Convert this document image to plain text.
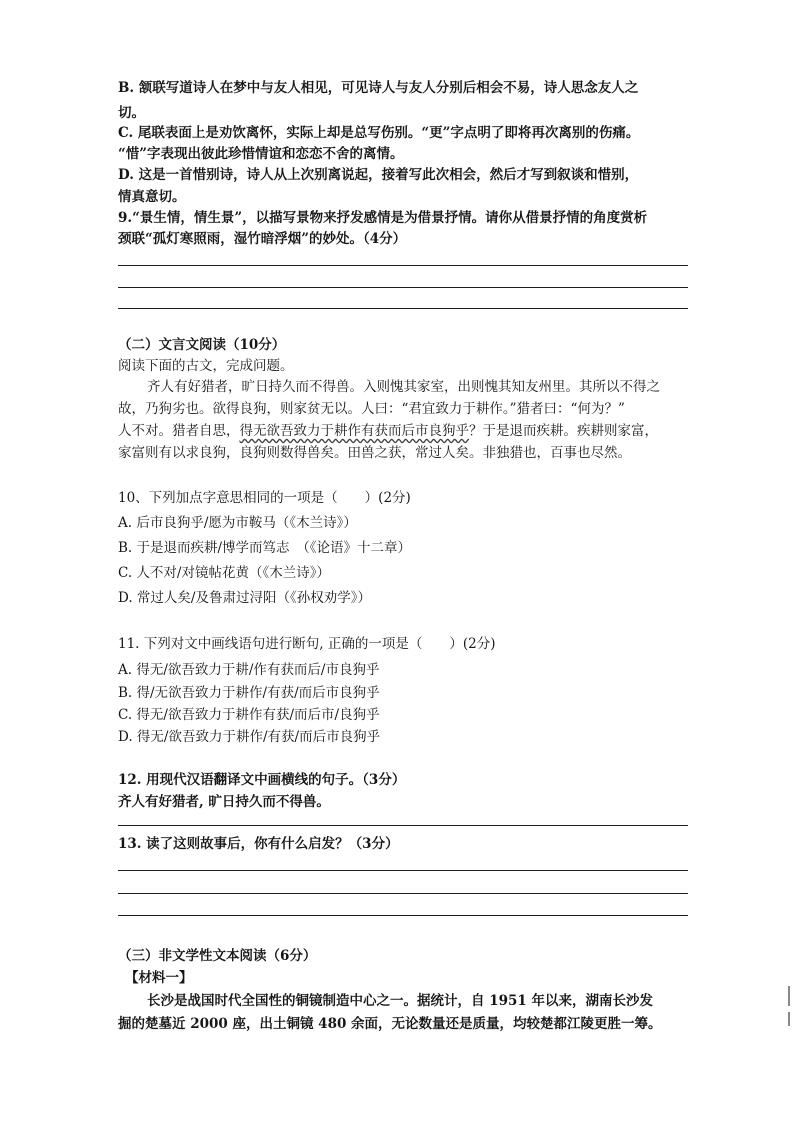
B. 颔联写道诗人在梦中与友人相见，可见诗人与友人分别后相会不易，诗人思念友人之
切。
C. 尾联表面上是劝饮离怀，实际上却是总写伤别。“更”字点明了即将再次离别的伤痛。
“惜”字表现出彼此珍惜情谊和恋恋不舍的离情。
D. 这是一首惜别诗，诗人从上次别离说起，接着写此次相会，然后才写到叙谈和惜别，
情真意切。
9.“景生情，情生景”，以描写景物来抒发感情是为借景抒情。请你从借景抒情的角度赏析
颈联“孤灯寒照雨，湿竹暗浮烟”的妙处。（4分）
（二）文言文阅读（10分）
阅读下面的古文，完成问题。
齐人有好猎者，旷日持久而不得兽。入则愧其家室，出则愧其知友州里。其所以不得之
故，乃狗劣也。欲得良狗，则家贫无以。人曰：“君宜致力于耕作。”猎者曰：“何为？”
人不对。猎者自思，得无欲吾致力于耕作有获而后市良狗乎？于是退而疾耕。疾耕则家富，
家富则有以求良狗，良狗则数得兽矣。田兽之获，常过人矣。非独猎也，百事也尽然。
10、下列加点字意思相同的一项是（　　）(2分)
A. 后市良狗乎/愿为市鞍马（《木兰诗》）
B. 于是退而疾耕/博学而笃志　（《论语》十二章）
C. 人不对/对镜帖花黄（《木兰诗》）
D. 常过人矣/及鲁肃过浔阳（《孙权劝学》）
11. 下列对文中画线语句进行断句, 正确的一项是（　　）(2分)
A. 得无/欲吾致力于耕/作有获而后/市良狗乎
B. 得/无欲吾致力于耕作/有获/而后市良狗乎
C. 得无/欲吾致力于耕作有获/而后市/良狗乎
D. 得无/欲吾致力于耕作/有获/而后市良狗乎
12. 用现代汉语翻译文中画横线的句子。（3分）
齐人有好猎者, 旷日持久而不得兽。
13. 读了这则故事后，你有什么启发？（3分）
（三）非文学性文本阅读（6分）
【材料一】
长沙是战国时代全国性的铜镜制造中心之一。据统计，自 1951 年以来，湖南长沙发
掘的楚墓近 2000 座，出土铜镜 480 余面，无论数量还是质量，均较楚都江陵更胜一筹。
